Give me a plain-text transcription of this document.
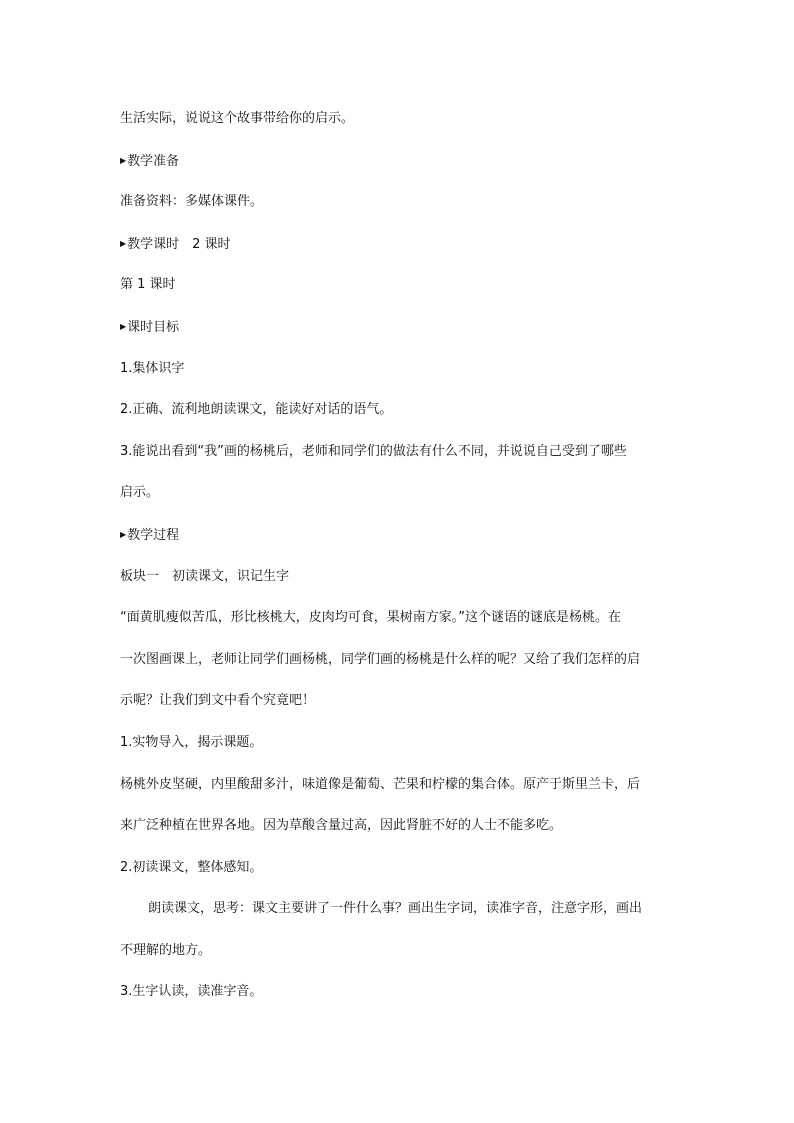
生活实际，说说这个故事带给你的启示。
▶教学准备
准备资料：多媒体课件。
▶教学课时　2 课时
第 1 课时
▶课时目标
1.集体识字
2.正确、流利地朗读课文，能读好对话的语气。
3.能说出看到“我”画的杨桃后，老师和同学们的做法有什么不同，并说说自己受到了哪些
启示。
▶教学过程
板块一　初读课文，识记生字
“面黄肌瘦似苦瓜，形比核桃大，皮肉均可食，果树南方家。”这个谜语的谜底是杨桃。在
一次图画课上，老师让同学们画杨桃，同学们画的杨桃是什么样的呢？又给了我们怎样的启
示呢？让我们到文中看个究竟吧！
1.实物导入，揭示课题。
杨桃外皮坚硬，内里酸甜多汁，味道像是葡萄、芒果和柠檬的集合体。原产于斯里兰卡，后
来广泛种植在世界各地。因为草酸含量过高，因此肾脏不好的人士不能多吃。
2.初读课文，整体感知。
朗读课文，思考：课文主要讲了一件什么事？画出生字词，读准字音，注意字形，画出
不理解的地方。
3.生字认读，读准字音。
